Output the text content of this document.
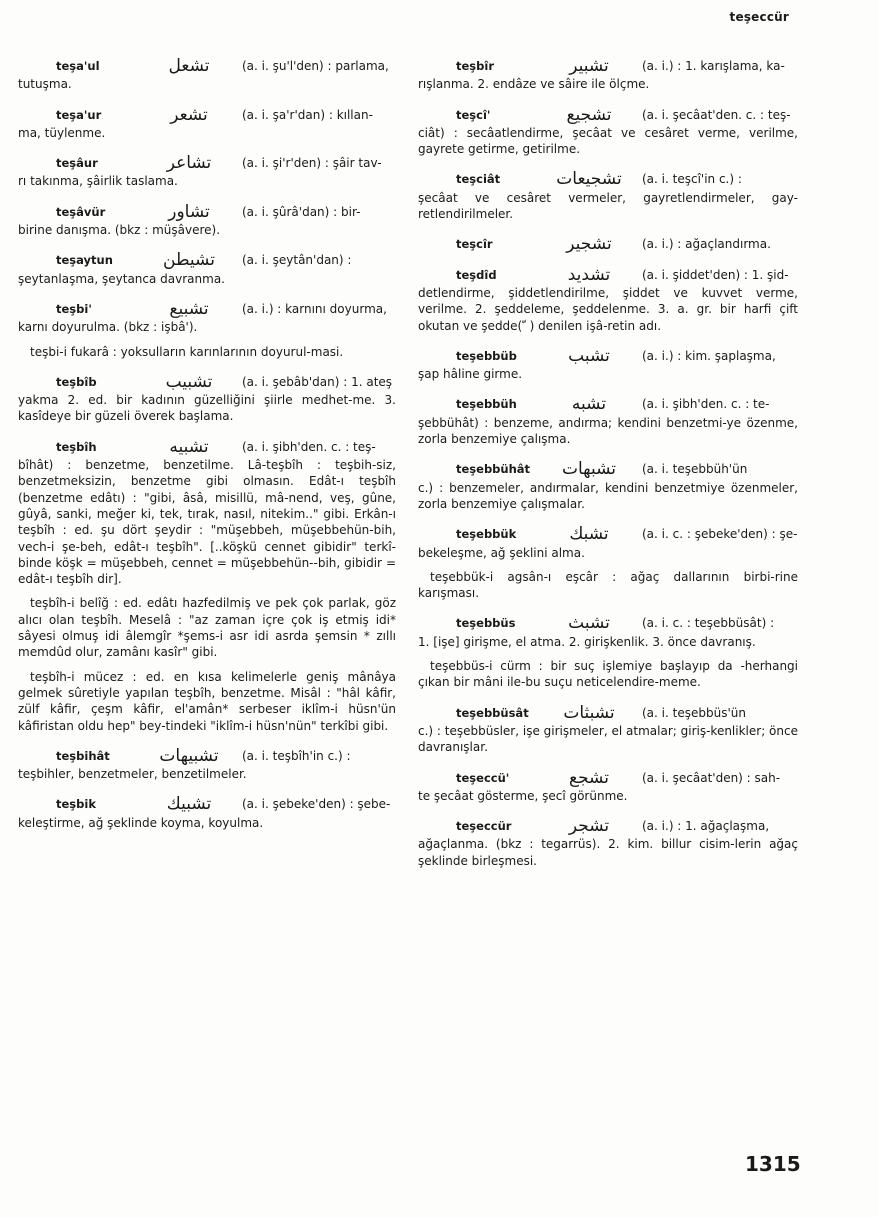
teşeccür
teşa'ul	تشعل	(a. i. şu'l'den) : parlama,
tutuşma.
teşa'ur	تشعر	(a. i. şa'r'dan) : kıllan-
ma, tüylenme.
teşâur	تشاعر	(a. i. şi'r'den) : şâir tav-
rı takınma, şâirlik taslama.
teşâvür	تشاور	(a. i. şûrâ'dan) : bir-
birine danışma. (bkz : müşâvere).
teşaytun	تشيطن	(a. i. şeytân'dan) :
şeytanlaşma, şeytanca davranma.
teşbi'	تشبيع	(a. i.) : karnını doyurma,
karnı doyurulma. (bkz : işbâ').
teşbi-i fukarâ : yoksulların karınlarının doyurul-masi.
teşbîb	تشبيب	(a. i. şebâb'dan) : 1. ateş
yakma 2. ed. bir kadının güzelliğini şiirle medhet-me. 3. kasîdeye bir güzeli överek başlama.
teşbîh	تشبيه	(a. i. şibh'den. c. : teş-
bîhât) : benzetme, benzetilme. Lâ-teşbîh : teşbih-siz, benzetmeksizin, benzetme gibi olmasın. Edât-ı teşbîh (benzetme edâtı) : "gibi, âsâ, misillü, mâ-nend, veş, gûne, gûyâ, sanki, meğer ki, tek, tırak, nasıl, nitekim.." gibi. Erkân-ı teşbîh : ed. şu dört şeydir : "müşebbeh, müşebbehün-bih, vech-i şe-beh, edât-ı teşbîh". [..köşkü cennet gibidir" terkî-binde köşk = müşebbeh, cennet = müşebbehün--bih, gibidir = edât-ı teşbîh dir].
teşbîh-i belîğ : ed. edâtı hazfedilmiş ve pek çok parlak, göz alıcı olan teşbîh. Meselâ : "az zaman içre çok iş etmiş idi* sâyesi olmuş idi âlemgîr *şems-i asr idi asrda şemsin * zıllı memdûd olur, zamânı kasîr" gibi.
teşbîh-i mücez : ed. en kısa kelimelerle geniş mânâya gelmek sûretiyle yapılan teşbîh, benzetme. Misâl : "hâl kâfir, zülf kâfir, çeşm kâfir, el'amân* serbeser iklîm-i hüsn'ün kâfiristan oldu hep" bey-tindeki "iklîm-i hüsn'nün" terkîbi gibi.
teşbihât	تشبيهات	(a. i. teşbîh'in c.) :
teşbihler, benzetmeler, benzetilmeler.
teşbik	تشبيك	(a. i. şebeke'den) : şebe-
keleştirme, ağ şeklinde koyma, koyulma.
teşbîr	تشبير	(a. i.) : 1. karışlama, ka-
rışlanma. 2. endâze ve sâire ile ölçme.
teşcî'	تشجيع	(a. i. şecâat'den. c. : teş-
ciât) : secâatlendirme, şecâat ve cesâret verme, verilme, gayrete getirme, getirilme.
teşciât	تشجيعات	(a. i. teşcî'in c.) :
şecâat ve cesâret vermeler, gayretlendirmeler, gay-retlendirilmeler.
teşcîr	تشجير	(a. i.) : ağaçlandırma.
teşdîd	تشديد	(a. i. şiddet'den) : 1. şid-
detlendirme, şiddetlendirilme, şiddet ve kuvvet verme, verilme. 2. şeddeleme, şeddelenme. 3. a. gr. bir harfi çift okutan ve şedde( ّ ) denilen işâ-retin adı.
teşebbüb	تشبب	(a. i.) : kim. şaplaşma,
şap hâline girme.
teşebbüh	تشبه	(a. i. şibh'den. c. : te-
şebbühât) : benzeme, andırma; kendini benzetmi-ye özenme, zorla benzemiye çalışma.
teşebbühât	تشبهات	(a. i. teşebbüh'ün
c.) : benzemeler, andırmalar, kendini benzetmiye özenmeler, zorla benzemiye çalışmalar.
teşebbük	تشبك	(a. i. c. : şebeke'den) : şe-
bekeleşme, ağ şeklini alma.
teşebbük-i agsân-ı eşcâr : ağaç dallarının birbi-rine karışması.
teşebbüs	تشبث	(a. i. c. : teşebbüsât) :
1. [işe] girişme, el atma. 2. girişkenlik. 3. önce davranış.
teşebbüs-i cürm : bir suç işlemiye başlayıp da -herhangi çıkan bir mâni ile-bu suçu neticelendire-meme.
teşebbüsât	تشبثات	(a. i. teşebbüs'ün
c.) : teşebbüsler, işe girişmeler, el atmalar; giriş-kenlikler; önce davranışlar.
teşeccü'	تشجع	(a. i. şecâat'den) : sah-
te şecâat gösterme, şecî görünme.
teşeccür	تشجر	(a. i.) : 1. ağaçlaşma,
ağaçlanma. (bkz : tegarrüs). 2. kim. billur cisim-lerin ağaç şeklinde birleşmesi.
1315
